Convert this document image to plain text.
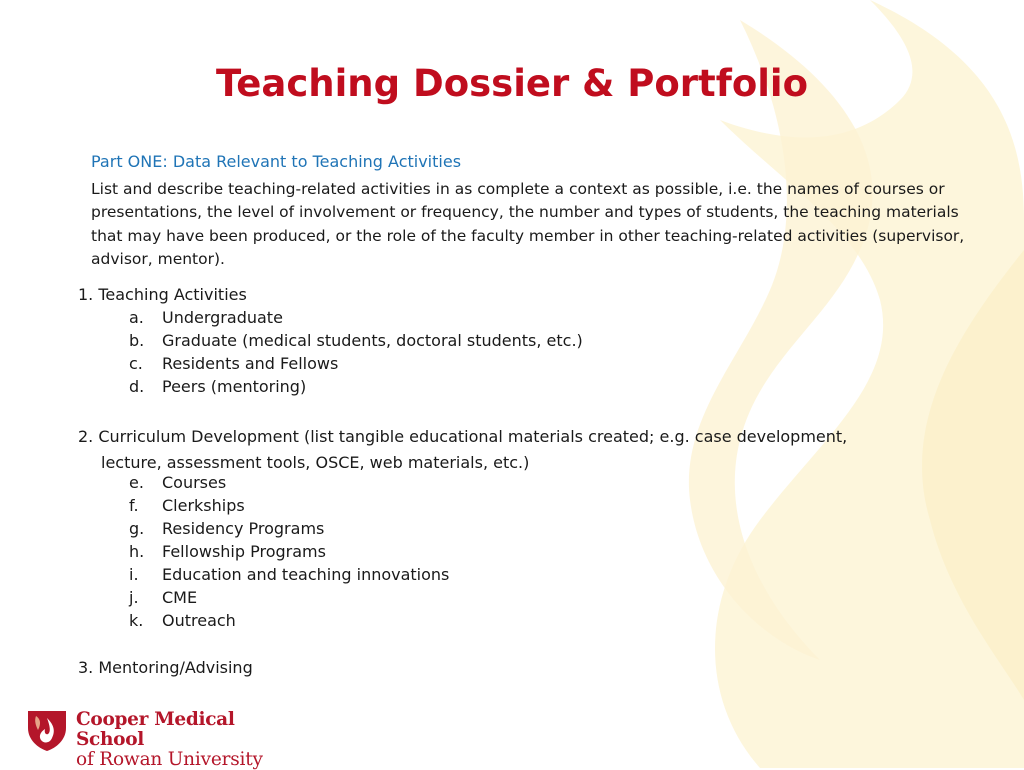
Teaching Dossier & Portfolio
Part ONE: Data Relevant to Teaching Activities
List and describe teaching-related activities in as complete a context as possible, i.e. the names of courses or presentations, the level of involvement or frequency, the number and types of students, the teaching materials that may have been produced, or the role of the faculty member in other teaching-related activities (supervisor, advisor, mentor).
1. Teaching Activities
a. Undergraduate
b. Graduate (medical students, doctoral students, etc.)
c. Residents and Fellows
d. Peers (mentoring)
2. Curriculum Development (list tangible educational materials created; e.g. case development,
lecture, assessment tools, OSCE, web materials, etc.)
e. Courses
f. Clerkships
g. Residency Programs
h. Fellowship Programs
i. Education and teaching innovations
j. CME
k. Outreach
3. Mentoring/Advising
Cooper Medical School
of Rowan University
